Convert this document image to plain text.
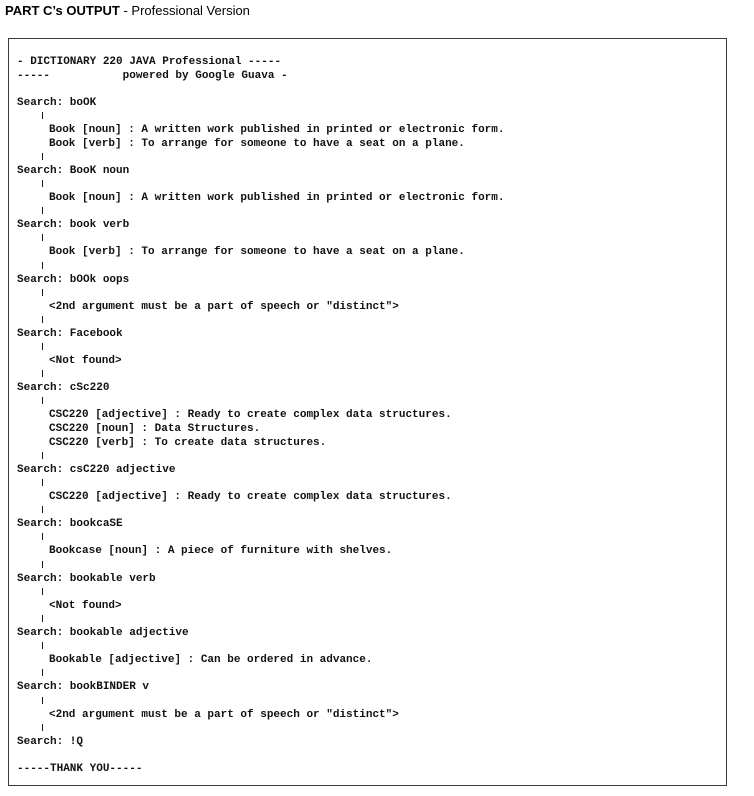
PART C’s OUTPUT - Professional Version
- DICTIONARY 220 JAVA Professional -----
-----           powered by Google Guava -
Search: boOK
Book [noun] : A written work published in printed or electronic form.
Book [verb] : To arrange for someone to have a seat on a plane.
Search: BooK noun
Book [noun] : A written work published in printed or electronic form.
Search: book verb
Book [verb] : To arrange for someone to have a seat on a plane.
Search: bOOk oops
<2nd argument must be a part of speech or "distinct">
Search: Facebook
<Not found>
Search: cSc220
CSC220 [adjective] : Ready to create complex data structures.
CSC220 [noun] : Data Structures.
CSC220 [verb] : To create data structures.
Search: csC220 adjective
CSC220 [adjective] : Ready to create complex data structures.
Search: bookcaSE
Bookcase [noun] : A piece of furniture with shelves.
Search: bookable verb
<Not found>
Search: bookable adjective
Bookable [adjective] : Can be ordered in advance.
Search: bookBINDER v
<2nd argument must be a part of speech or "distinct">
Search: !Q
-----THANK YOU-----
